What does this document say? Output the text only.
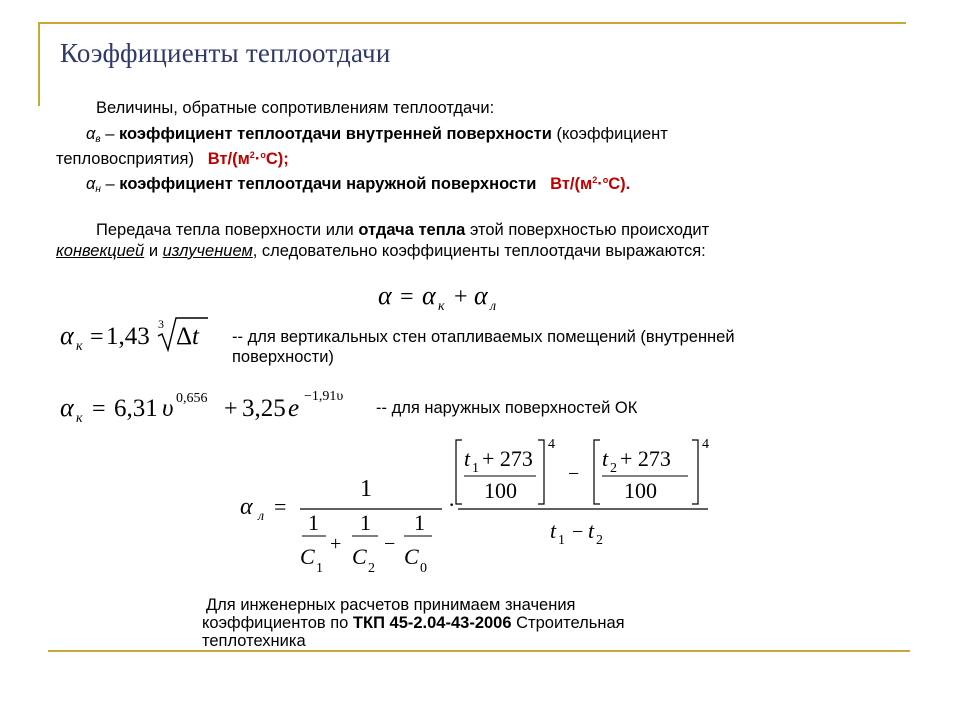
Коэффициенты теплоотдачи
Величины, обратные сопротивлениям теплоотдачи:
$\alpha_в$ – коэффициент теплоотдачи внутренней поверхности (коэффициент
тепловосприятия) $Вт/(м^2\cdot^оС)$;
$\alpha_н$ – коэффициент теплоотдачи наружной поверхности $Вт/(м^2\cdot^оС)$.
Передача тепла поверхности или отдача тепла этой поверхностью происходит
конвекцией и излучением, следовательно коэффициенты теплоотдачи выражаются:
α = α к + α л
α к = 1,43 3 Δ t -- для вертикальных стен отапливаемых помещений (внутренней
поверхности)
α к = 6,31 υ 0,656 + 3,25 e −1,91υ
-- для наружных поверхностей ОК
α л =
1
1
C 1
+
1
C 2
−
1
C 0
·
4
t 1 + 273
100
−
4
t 2 + 273
100
t 1 − t 2
Для инженерных расчетов принимаем значения
коэффициентов по ТКП 45-2.04-43-2006 Строительная
теплотехника
